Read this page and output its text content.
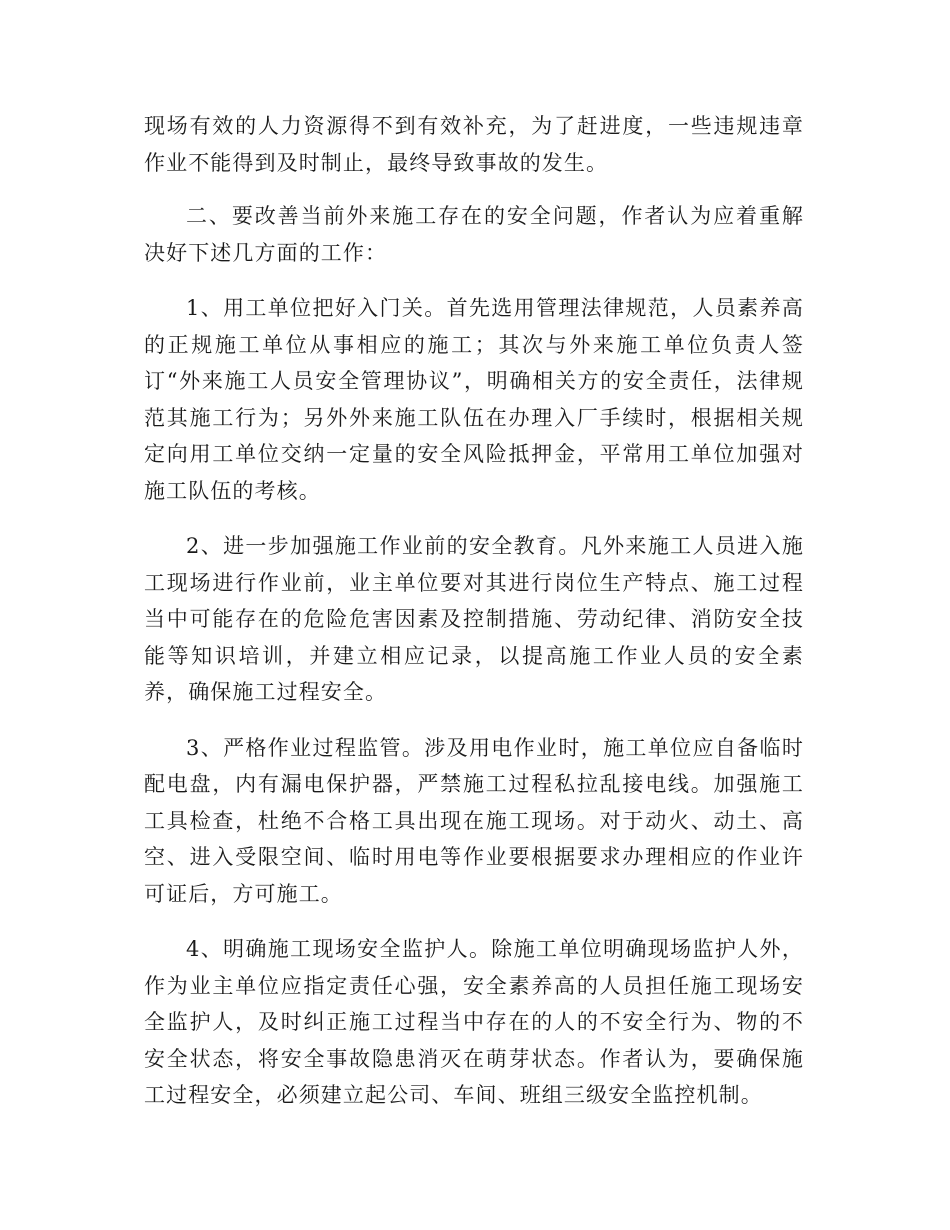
现场有效的人力资源得不到有效补充，为了赶进度，一些违规违章作业不能得到及时制止，最终导致事故的发生。

二、要改善当前外来施工存在的安全问题，作者认为应着重解决好下述几方面的工作：

1、用工单位把好入门关。首先选用管理法律规范，人员素养高的正规施工单位从事相应的施工；其次与外来施工单位负责人签订“外来施工人员安全管理协议”，明确相关方的安全责任，法律规范其施工行为；另外外来施工队伍在办理入厂手续时，根据相关规定向用工单位交纳一定量的安全风险抵押金，平常用工单位加强对施工队伍的考核。

2、进一步加强施工作业前的安全教育。凡外来施工人员进入施工现场进行作业前，业主单位要对其进行岗位生产特点、施工过程当中可能存在的危险危害因素及控制措施、劳动纪律、消防安全技能等知识培训，并建立相应记录，以提高施工作业人员的安全素养，确保施工过程安全。

3、严格作业过程监管。涉及用电作业时，施工单位应自备临时配电盘，内有漏电保护器，严禁施工过程私拉乱接电线。加强施工工具检查，杜绝不合格工具出现在施工现场。对于动火、动土、高空、进入受限空间、临时用电等作业要根据要求办理相应的作业许可证后，方可施工。

4、明确施工现场安全监护人。除施工单位明确现场监护人外，作为业主单位应指定责任心强，安全素养高的人员担任施工现场安全监护人，及时纠正施工过程当中存在的人的不安全行为、物的不安全状态，将安全事故隐患消灭在萌芽状态。作者认为，要确保施工过程安全，必须建立起公司、车间、班组三级安全监控机制。
